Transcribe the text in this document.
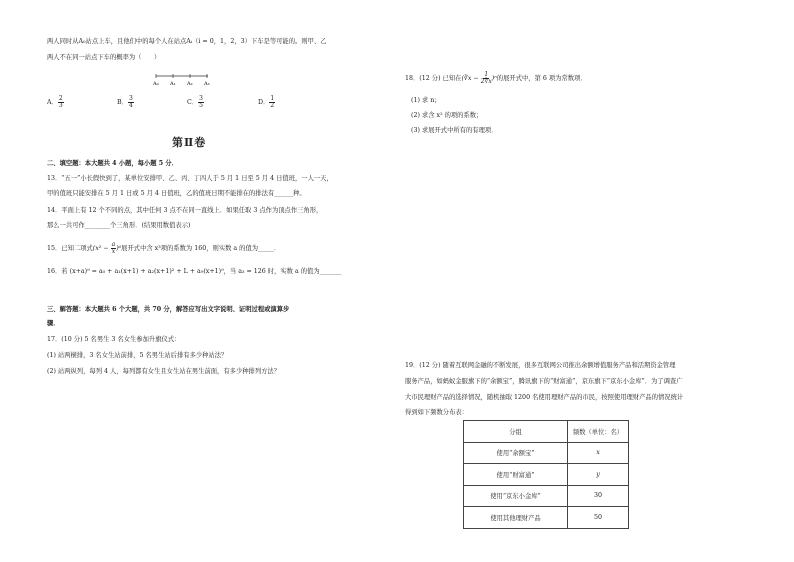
两人同时从A₀站点上车，且他们中的每个人在站点Aᵢ（i = 0，1，2，3）下车是等可能的。则甲、乙
两人不在同一站点下车的概率为（　　）
A₀ A₁ A₂ A₃
A． $\frac{2}{3}$	B． $\frac{3}{4}$	C． $\frac{3}{5}$	D． $\frac{1}{2}$
第Ⅱ卷
二、填空题：本大题共 4 小题，每小题 5 分．
13．“五一”小长假快到了，某单位安排甲、乙、丙、丁四人于 5 月 1 日至 5 月 4 日值班，一人一天，
甲的值班只能安排在 5 月 1 日或 5 月 4 日值班，乙的值班日期不能排在的排法有______种。
14．平面上有 12 个不同的点，其中任何 3 点不在同一直线上．如果任取 3 点作为顶点作三角形，
那么一共可作________个三角形．(结果用数值表示)
15．已知二项式$(x^2 - \frac{a}{x} )^6$展开式中含 x³项的系数为 160，则实数 a 的值为_____．
16．若 (x+a)⁹ = a₀ + a₁(x+1) + a₂(x+1)² + L + a₉(x+1)⁹，当 a₃ = 126 时，实数 a 的值为_______
三、解答题：本大题共 6 个大题，共 70 分，解答应写出文字说明、证明过程或演算步
骤．
17．(10 分) 5 名男生 3 名女生参加升旗仪式：
(1) 站两横排，3 名女生站前排，5 名男生站后排有多少种站法？
(2) 站两纵列，每列 4 人，每列都有女生且女生站在男生前面，有多少种排列方法？
18．(12 分) 已知在(∛x − $\frac{1}{2∛x} )^n$的展开式中，第 6 项为常数项．
(1) 求 n；
(2) 求含 x² 的项的系数；
(3) 求展开式中所有的有理项．
19．(12 分) 随着互联网金融的不断发展，很多互联网公司推出余额增值服务产品和活期资金管理
服务产品，如蚂蚁金服旗下的“余额宝”，腾讯旗下的“财富通”，京东旗下“京东小金库”．为了调查广
大市民理财产品的选择情况，随机抽取 1200 名使用理财产品的市民，按照使用理财产品的情况统计
得到如下频数分布表：
分组	频数（单位：名）
使用“余额宝”	x
使用“财富通”	y
使用“京东小金库”	30
使用其他理财产品	50
